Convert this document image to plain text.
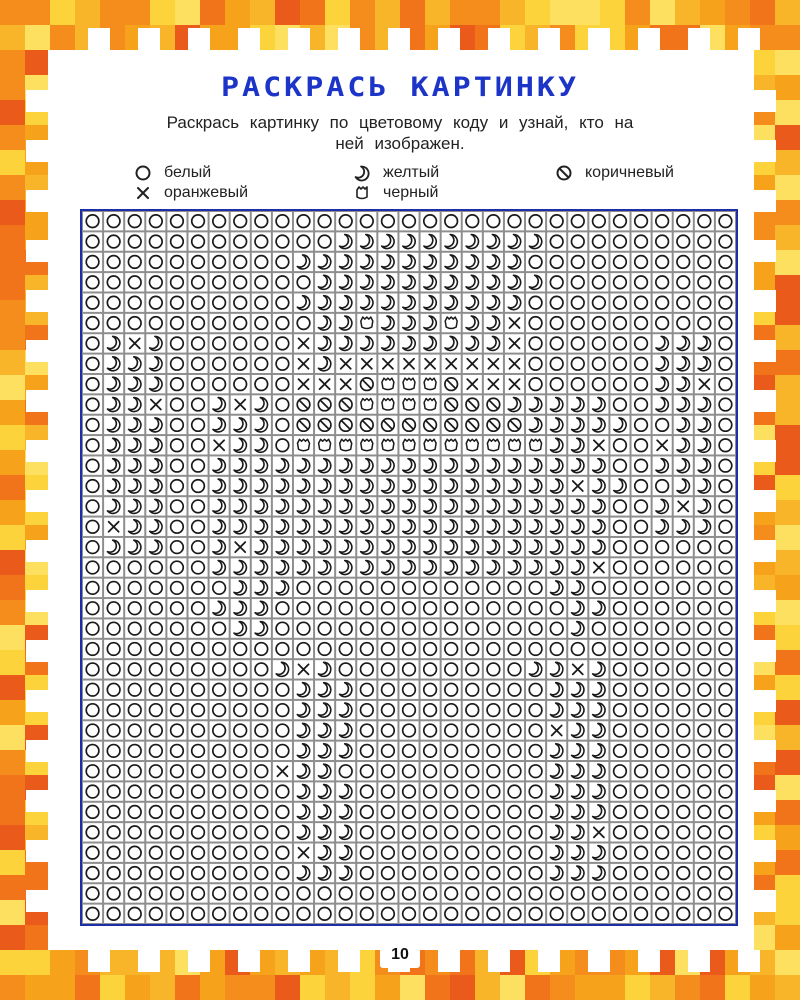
РАСКРАСЬ КАРТИНКУ

Раскрась картинку по цветовому коду и узнай, кто на ней изображен.

белый
оранжевый
желтый
черный
коричневый

10
